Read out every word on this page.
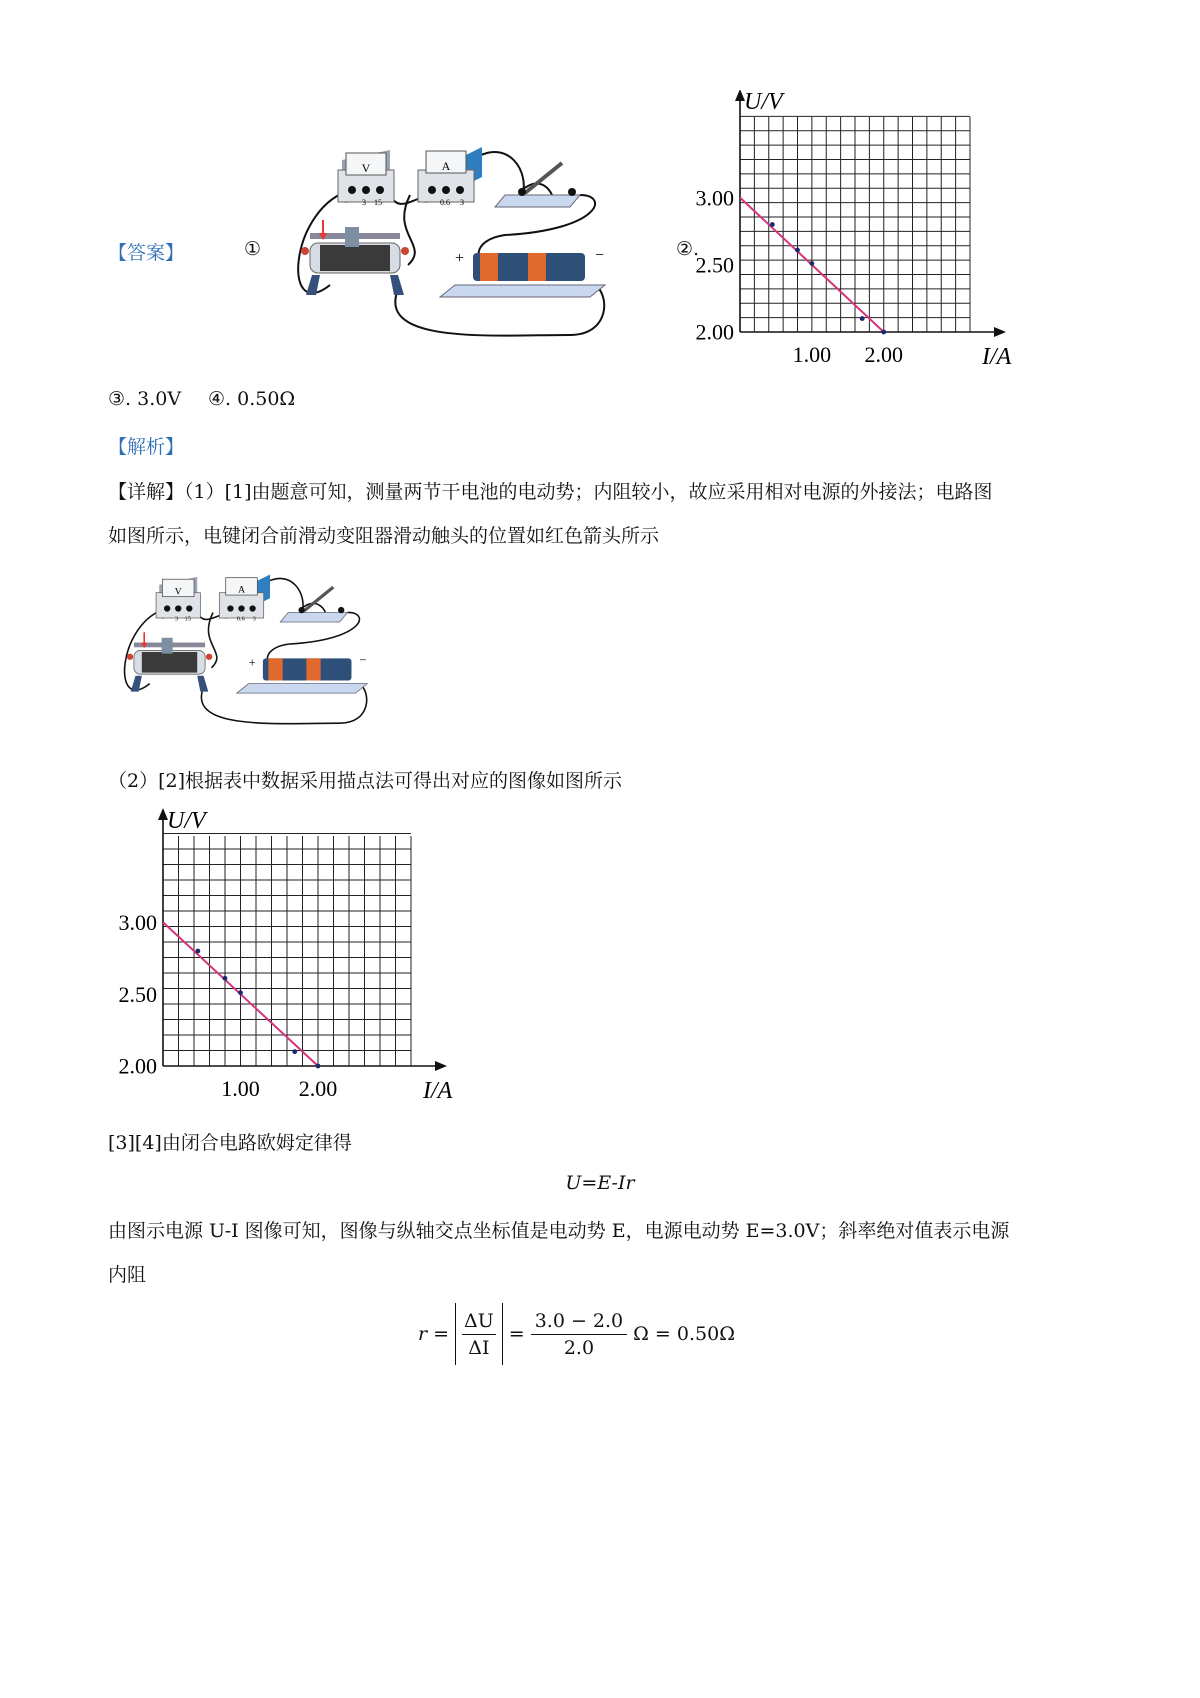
【答案】	①
V
− 3 15
A
− 0.6 3
+	−	②.
U/V
I/A
3.00
2.50
2.00
1.00 2.00
③. 3.0V ④. 0.50Ω
【解析】
【详解】（1）[1]由题意可知，测量两节干电池的电动势；内阻较小，故应采用相对电源的外接法；电路图
如图所示，电键闭合前滑动变阻器滑动触头的位置如红色箭头所示
V
− 3 15
A
− 0.6 3
+	−
（2）[2]根据表中数据采用描点法可得出对应的图像如图所示
U/V
I/A
3.00
2.50
2.00
1.00 2.00
[3][4]由闭合电路欧姆定律得
U=E-Ir
由图示电源 U-I 图像可知，图像与纵轴交点坐标值是电动势 E，电源电动势 E=3.0V；斜率绝对值表示电源
内阻
$r = \frac{\Delta U}{\Delta I} = \frac{3.0 - 2.0}{2.0}$ Ω = 0.50Ω
